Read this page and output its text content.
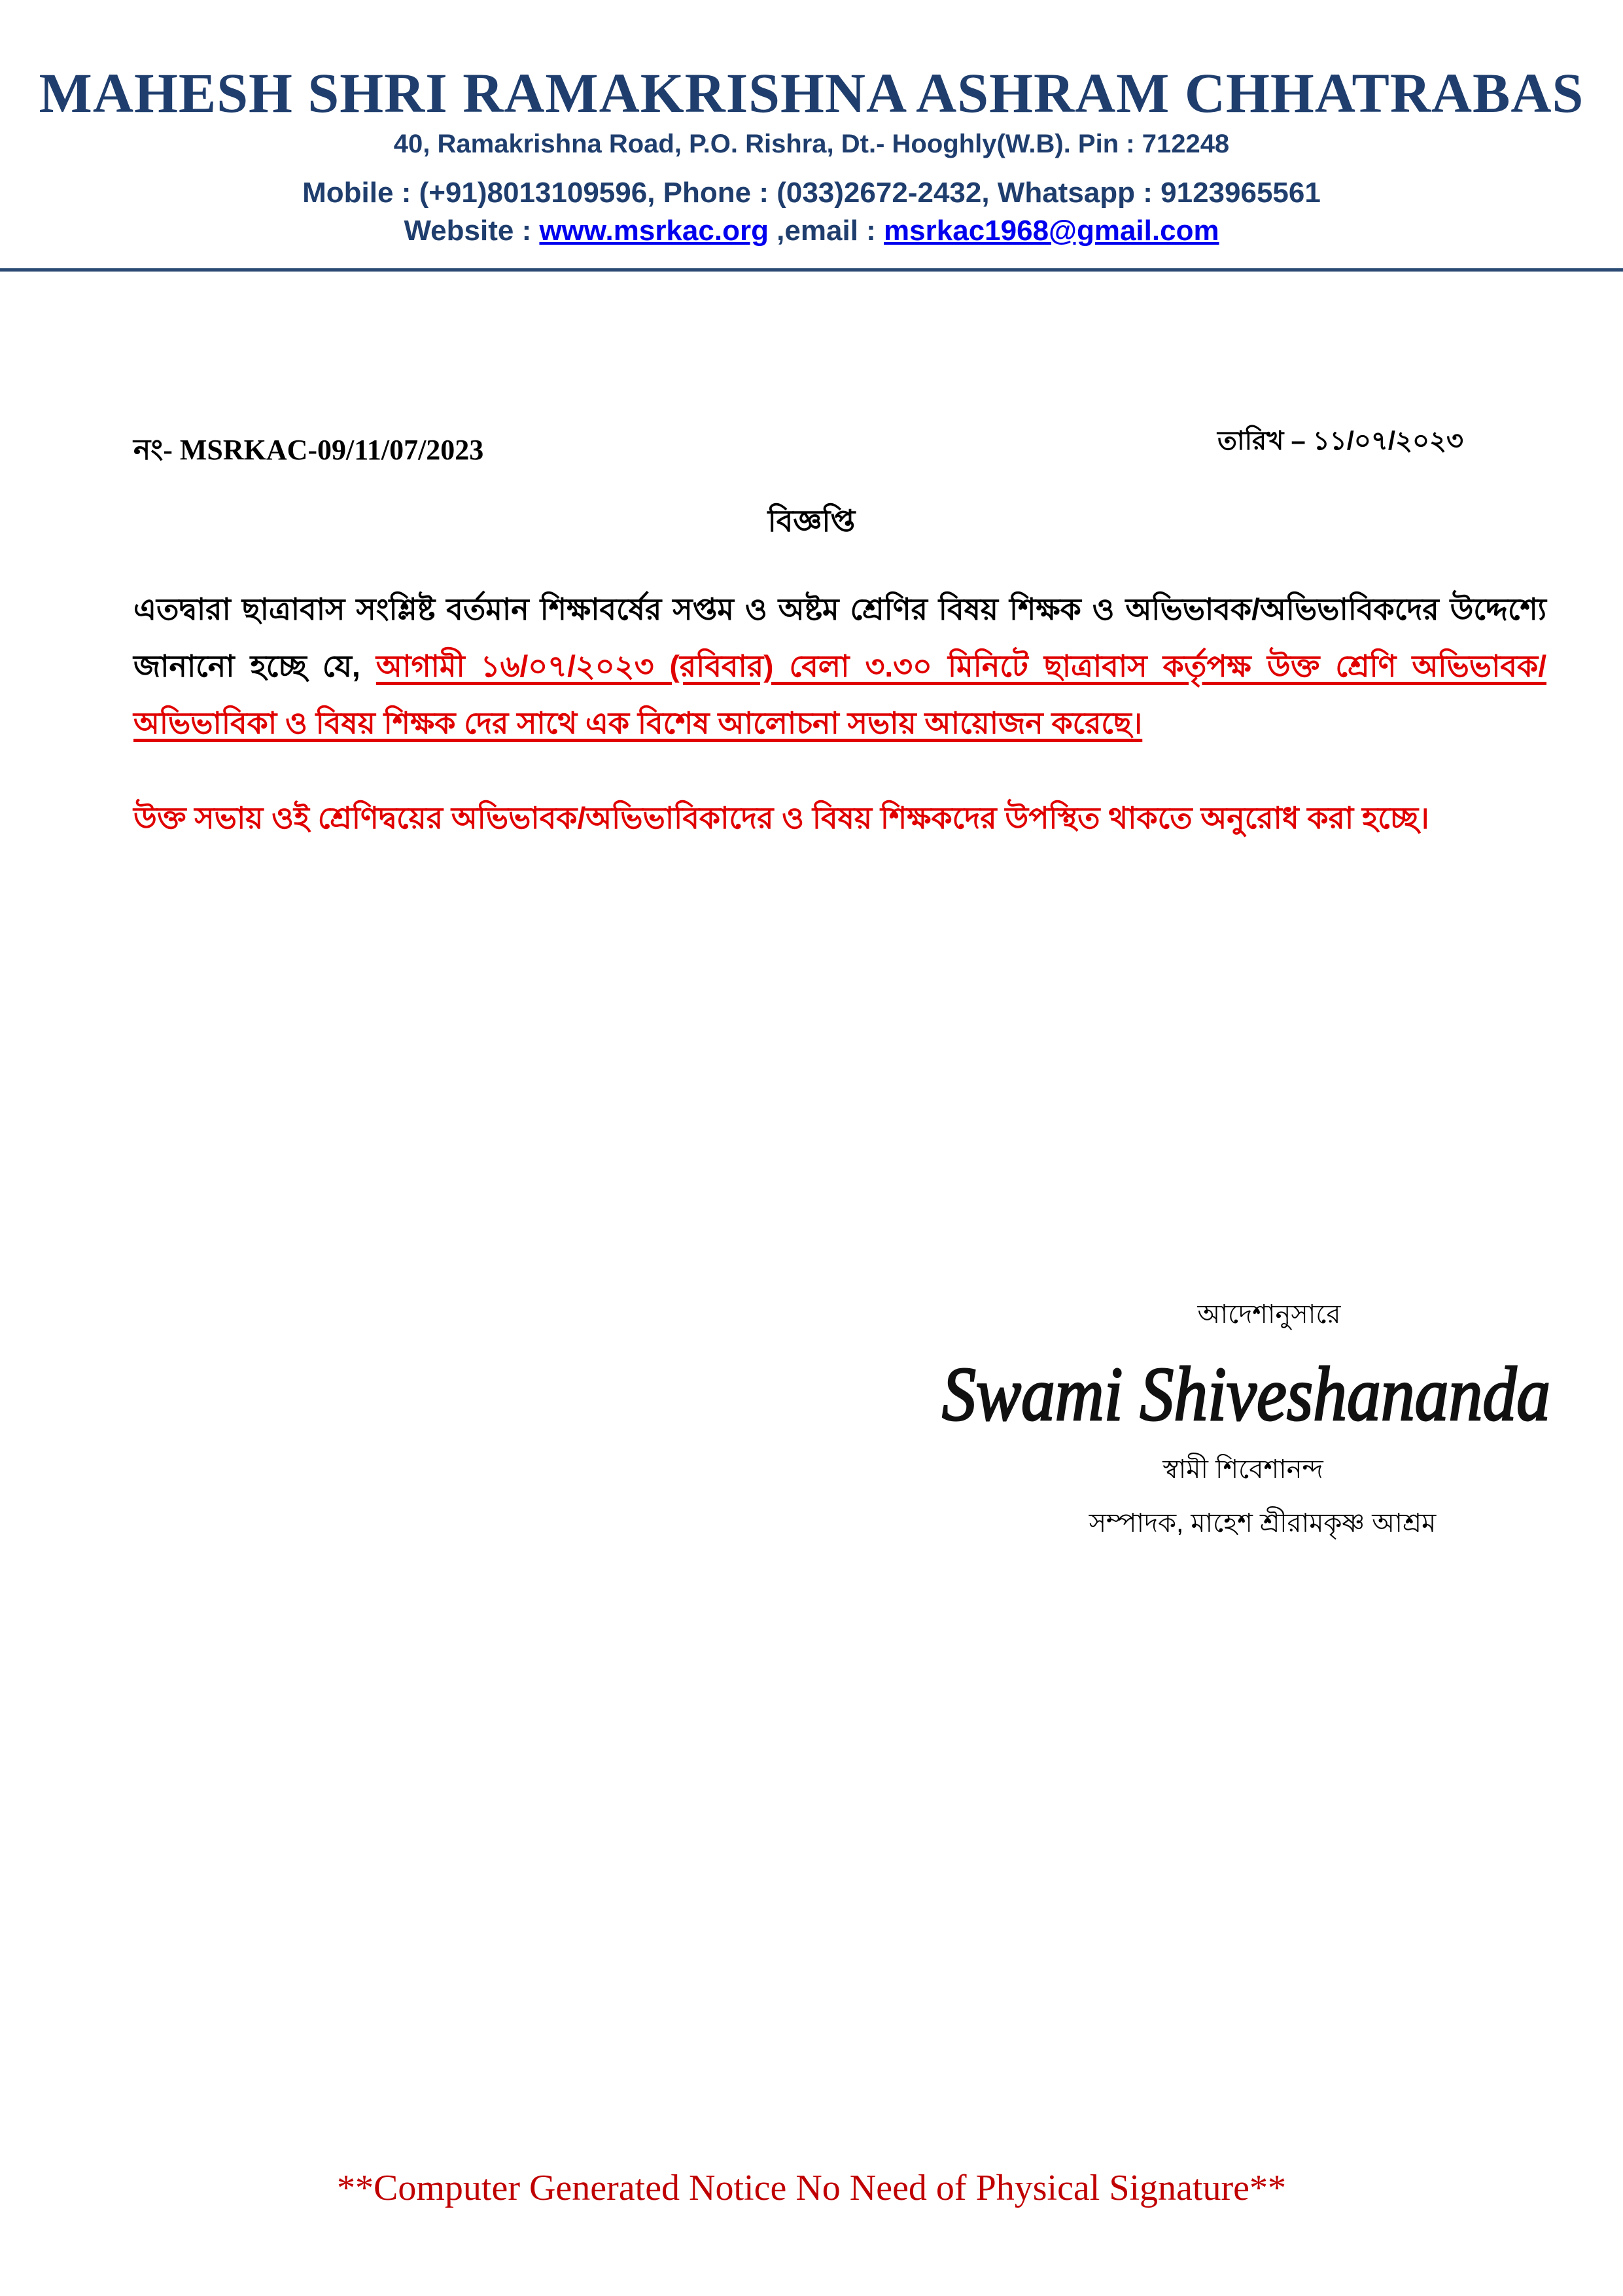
MAHESH SHRI RAMAKRISHNA ASHRAM CHHATRABAS
40, Ramakrishna Road, P.O. Rishra, Dt.- Hooghly(W.B). Pin : 712248
Mobile : (+91)8013109596, Phone : (033)2672-2432, Whatsapp : 9123965561
Website : www.msrkac.org ,email : msrkac1968@gmail.com
নং- MSRKAC-09/11/07/2023	তারিখ – ১১/০৭/২০২৩
বিজ্ঞপ্তি
এতদ্বারা ছাত্রাবাস সংশ্লিষ্ট বর্তমান শিক্ষাবর্ষের সপ্তম ও অষ্টম শ্রেণির বিষয় শিক্ষক ও অভিভাবক/অভিভাবিকদের উদ্দেশ্যে জানানো হচ্ছে যে, আগামী ১৬/০৭/২০২৩ (রবিবার) বেলা ৩.৩০ মিনিটে ছাত্রাবাস কর্তৃপক্ষ উক্ত শ্রেণি অভিভাবক/অভিভাবিকা ও বিষয় শিক্ষক দের সাথে এক বিশেষ আলোচনা সভায় আয়োজন করেছে।
উক্ত সভায় ওই শ্রেণিদ্বয়ের অভিভাবক/অভিভাবিকাদের ও বিষয় শিক্ষকদের উপস্থিত থাকতে অনুরোধ করা হচ্ছে।
আদেশানুসারে
Swami Shiveshananda
স্বামী শিবেশানন্দ
সম্পাদক, মাহেশ শ্রীরামকৃষ্ণ আশ্রম
**Computer Generated Notice No Need of Physical Signature**
